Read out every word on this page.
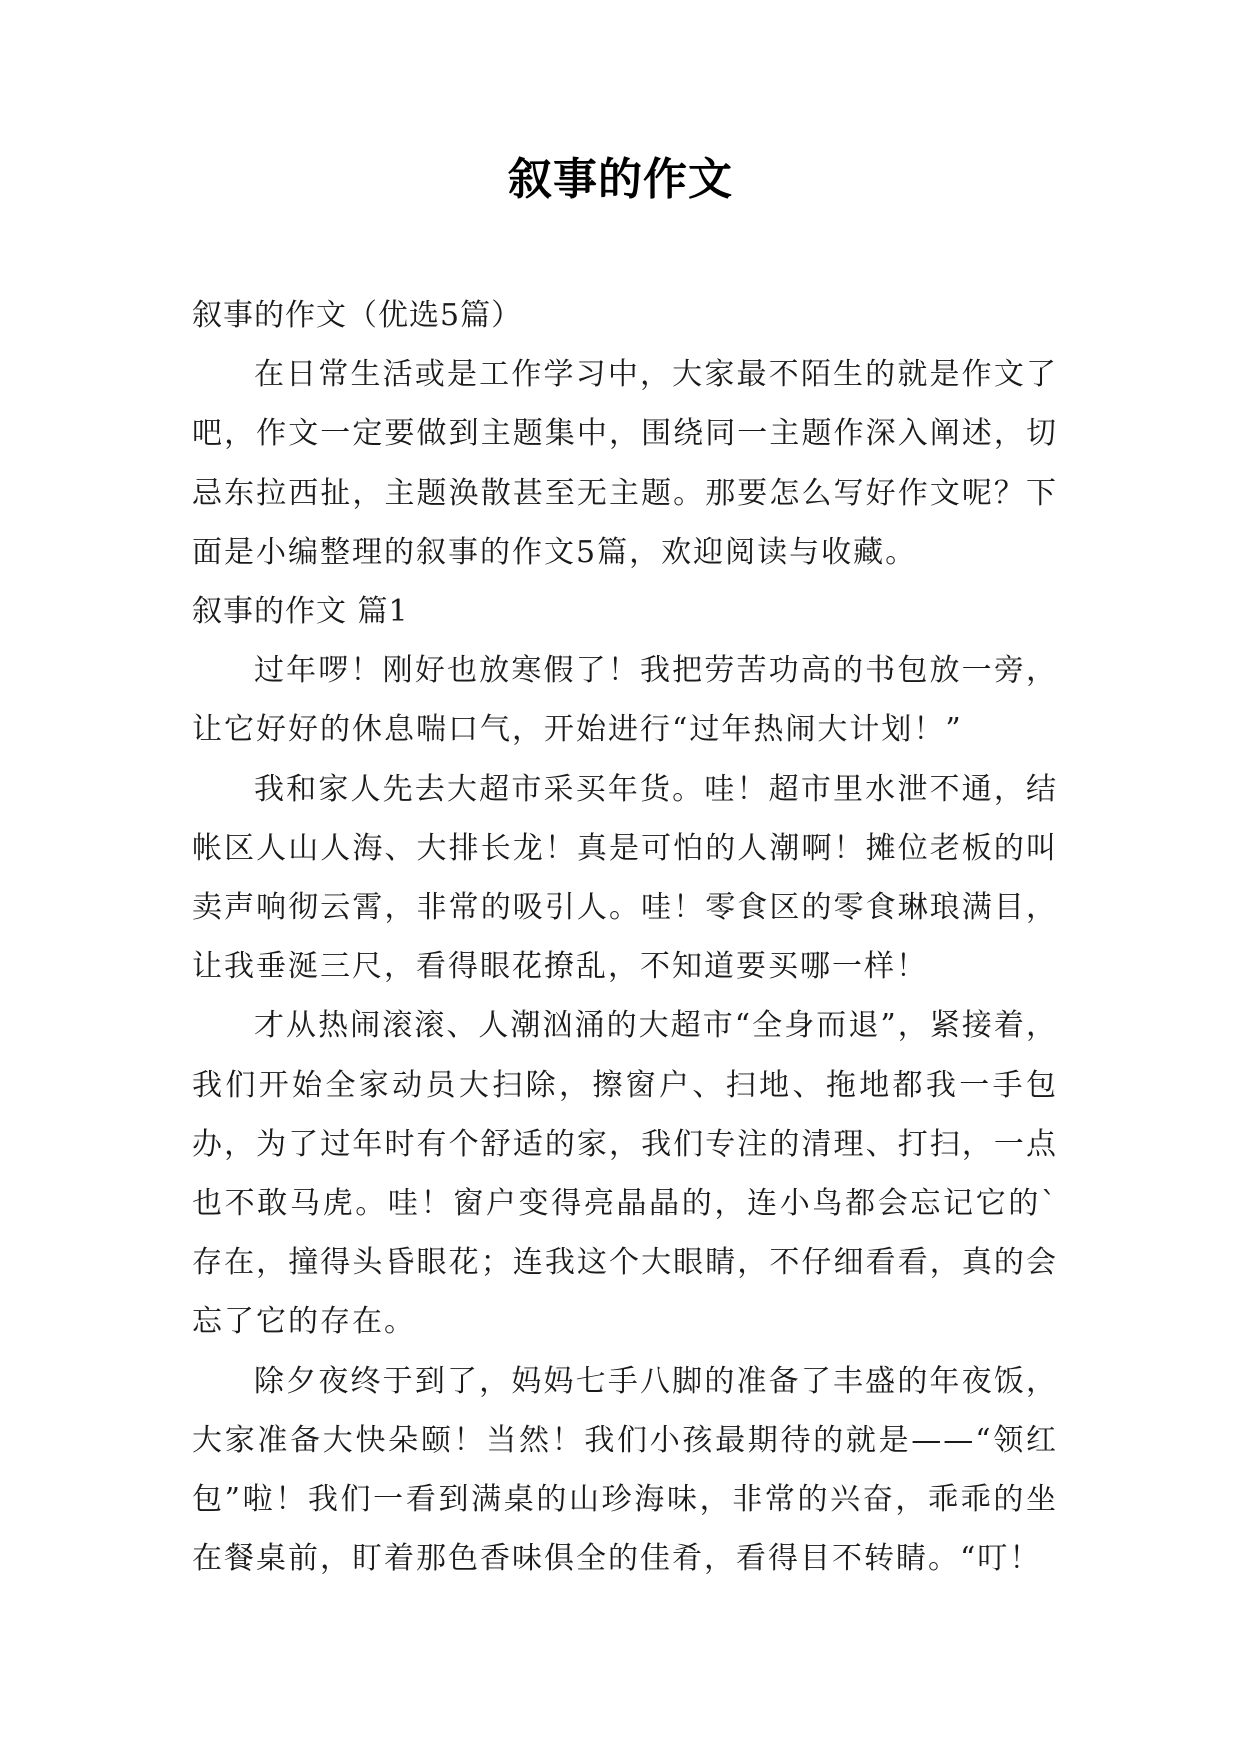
叙事的作文

叙事的作文（优选5篇）

在日常生活或是工作学习中，大家最不陌生的就是作文了吧，作文一定要做到主题集中，围绕同一主题作深入阐述，切忌东拉西扯，主题涣散甚至无主题。那要怎么写好作文呢？下面是小编整理的叙事的作文5篇，欢迎阅读与收藏。

叙事的作文 篇1

过年啰！刚好也放寒假了！我把劳苦功高的书包放一旁，让它好好的休息喘口气，开始进行“过年热闹大计划！”

我和家人先去大超市采买年货。哇！超市里水泄不通，结帐区人山人海、大排长龙！真是可怕的人潮啊！摊位老板的叫卖声响彻云霄，非常的吸引人。哇！零食区的零食琳琅满目，让我垂涎三尺，看得眼花撩乱，不知道要买哪一样！

才从热闹滚滚、人潮汹涌的大超市“全身而退”，紧接着，我们开始全家动员大扫除，擦窗户、扫地、拖地都我一手包办，为了过年时有个舒适的家，我们专注的清理、打扫，一点也不敢马虎。哇！窗户变得亮晶晶的，连小鸟都会忘记它的`存在，撞得头昏眼花；连我这个大眼睛，不仔细看看，真的会忘了它的存在。

除夕夜终于到了，妈妈七手八脚的准备了丰盛的年夜饭，大家准备大快朵颐！当然！我们小孩最期待的就是——“领红包”啦！我们一看到满桌的山珍海味，非常的兴奋，乖乖的坐在餐桌前，盯着那色香味俱全的佳肴，看得目不转睛。“叮！
